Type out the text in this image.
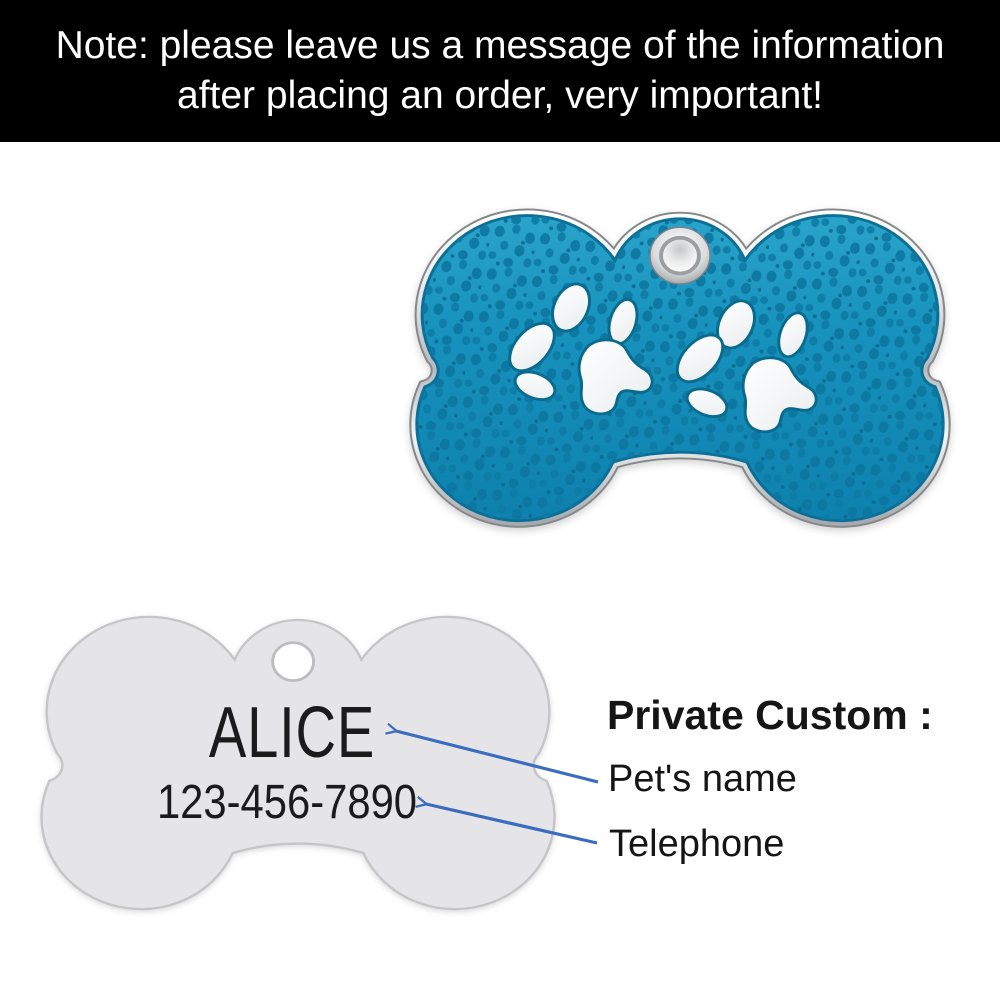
Note: please leave us a message of the information
after placing an order, very important!
ALICE
123-456-7890
Private Custom :
Pet's name
Telephone
